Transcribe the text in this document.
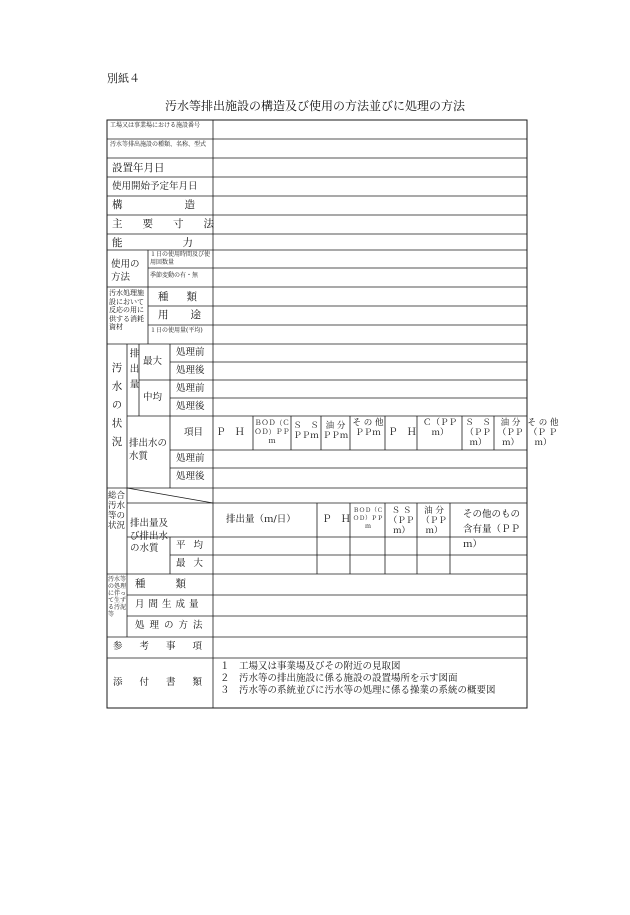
別紙４
汚水等排出施設の構造及び使用の方法並びに処理の方法
工場又は事業場における施設番号
汚水等排出施設の種類、名称、型式
設置年月日
使用開始予定年月日
構造
主要寸法
能力
使用の方法
１日の使用時間及び使用回数量
季節変動の有・無
汚水処理施設において反応の用に供する消耗資材
種類
用途
１日の使用量(平均)
汚水の状況 排出量 最大
中均
処理前
処理後
処理前
処理後
排出水の水質
項目 Ｐ　Ｈ
ＢＯＤ（ＣＯＤ）ＰＰｍ
Ｓ　Ｓ ＰＰｍ
油 分 ＰＰｍ
そ の 他 ＰＰｍ Ｐ　Ｈ
Ｃ（ＰＰｍ）
Ｓ　Ｓ（ＰＰｍ）
油 分（ＰＰｍ）
そ の 他（Ｐ Ｐｍ）
処理前
処理後
総合汚水等の状況 排出量及び排出水の水質
排出量（ｍ/日）	Ｐ　Ｈ
ＢＯＤ（ＣＯＤ）ＰＰｍ
Ｓ Ｓ（ＰＰ ｍ）
油 分（ＰＰ ｍ）
その他のもの含有量（ＰＰｍ）
平均
最大
汚水等の処理に伴って生ずる汚泥等
種類
月間生成量
処理の方法
参考事項
添付書類
１　工場又は事業場及びその附近の見取図
２　汚水等の排出施設に係る施設の設置場所を示す図面
３　汚水等の系統並びに汚水等の処理に係る操業の系統の概要図
